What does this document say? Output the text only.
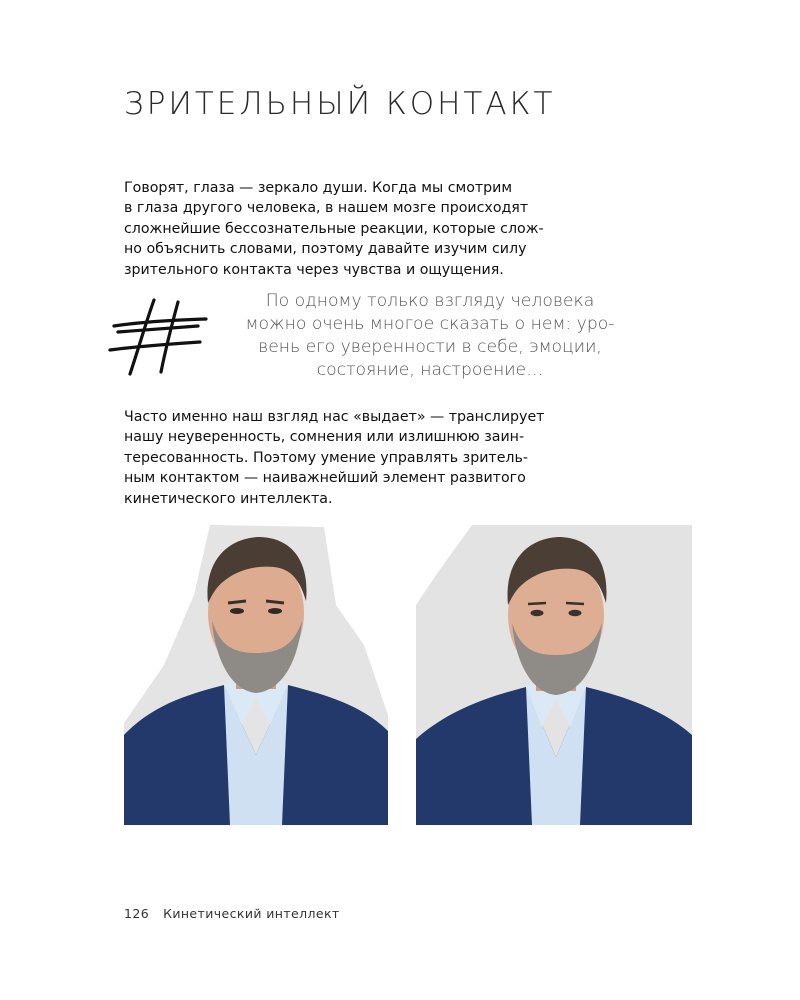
ЗРИТЕЛЬНЫЙ КОНТАКТ
Говорят, глаза — зеркало души. Когда мы смотрим
в глаза другого человека, в нашем мозге происходят
сложнейшие бессознательные реакции, которые слож-
но объяснить словами, поэтому давайте изучим силу
зрительного контакта через чувства и ощущения.
По одному только взгляду человека
можно очень многое сказать о нем: уро-
вень его уверенности в себе, эмоции,
состояние, настроение…
Часто именно наш взгляд нас «выдает» — транслирует
нашу неуверенность, сомнения или излишнюю заин-
тересованность. Поэтому умение управлять зритель-
ным контактом — наиважнейший элемент развитого
кинетического интеллекта.
126 Кинетический интеллект
